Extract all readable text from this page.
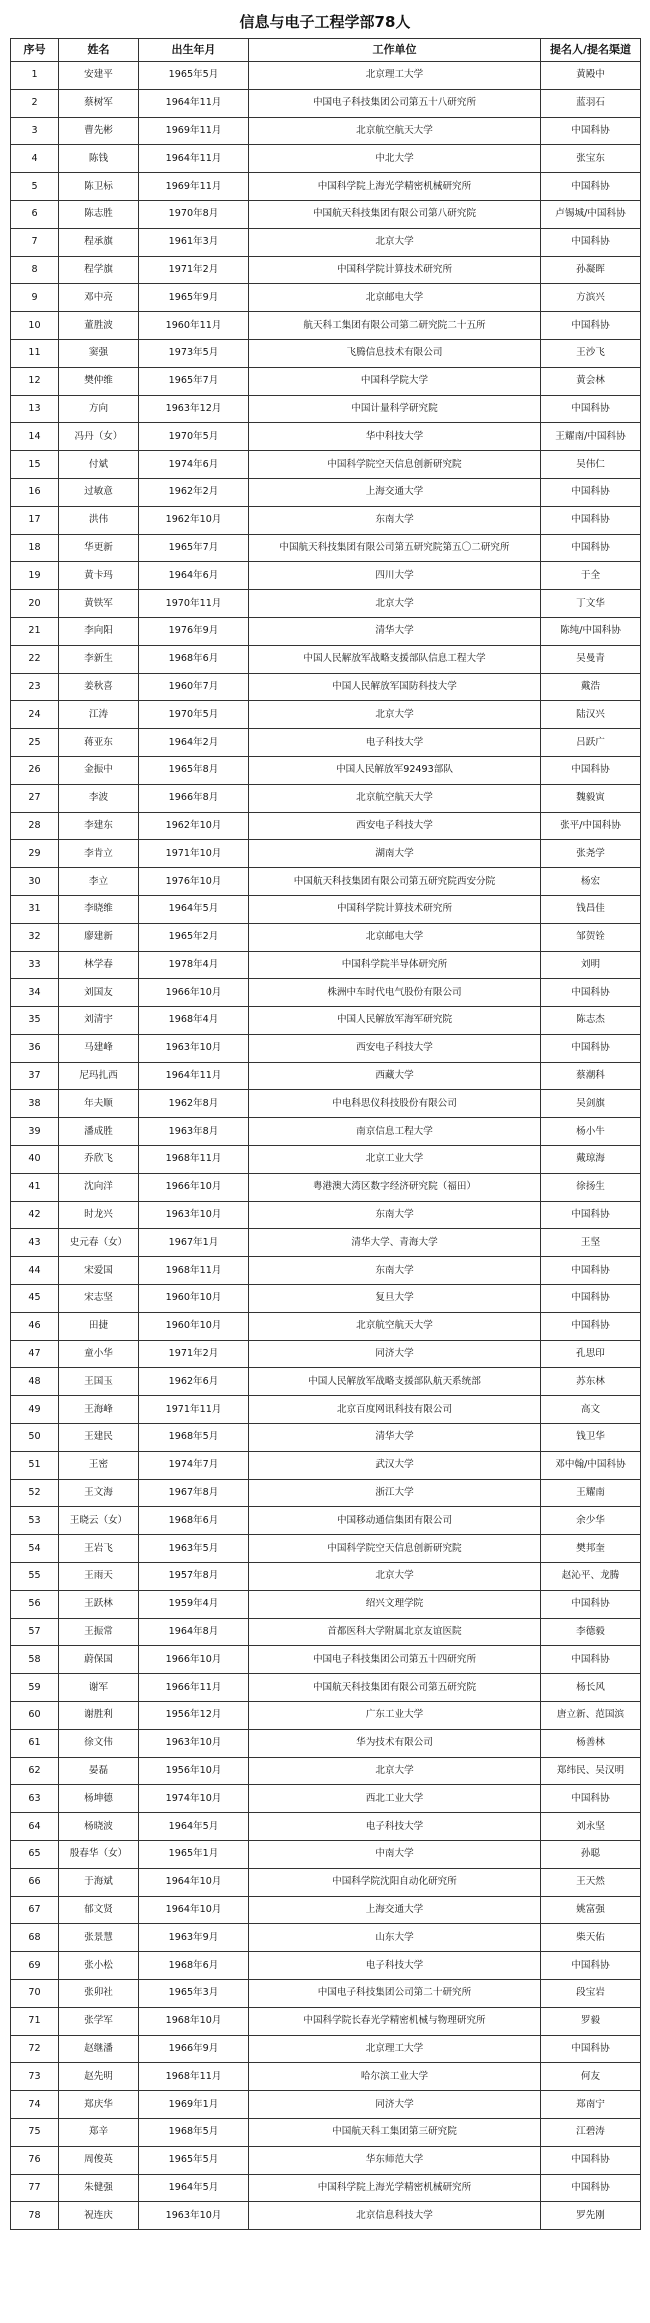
信息与电子工程学部78人
序号	姓名	出生年月	工作单位	提名人/提名渠道
1	安建平	1965年5月	北京理工大学	黄殿中
2	蔡树军	1964年11月	中国电子科技集团公司第五十八研究所	蓝羽石
3	曹先彬	1969年11月	北京航空航天大学	中国科协
4	陈钱	1964年11月	中北大学	张宝东
5	陈卫标	1969年11月	中国科学院上海光学精密机械研究所	中国科协
6	陈志胜	1970年8月	中国航天科技集团有限公司第八研究院	卢锡城/中国科协
7	程承旗	1961年3月	北京大学	中国科协
8	程学旗	1971年2月	中国科学院计算技术研究所	孙凝晖
9	邓中亮	1965年9月	北京邮电大学	方滨兴
10	董胜波	1960年11月	航天科工集团有限公司第二研究院二十五所	中国科协
11	窦强	1973年5月	飞腾信息技术有限公司	王沙飞
12	樊仲维	1965年7月	中国科学院大学	黄会林
13	方向	1963年12月	中国计量科学研究院	中国科协
14	冯丹（女）	1970年5月	华中科技大学	王耀南/中国科协
15	付斌	1974年6月	中国科学院空天信息创新研究院	吴伟仁
16	过敏意	1962年2月	上海交通大学	中国科协
17	洪伟	1962年10月	东南大学	中国科协
18	华更新	1965年7月	中国航天科技集团有限公司第五研究院第五〇二研究所	中国科协
19	黄卡玛	1964年6月	四川大学	于全
20	黄铁军	1970年11月	北京大学	丁文华
21	李向阳	1976年9月	清华大学	陈纯/中国科协
22	李新生	1968年6月	中国人民解放军战略支援部队信息工程大学	吴曼青
23	姜秋喜	1960年7月	中国人民解放军国防科技大学	戴浩
24	江涛	1970年5月	北京大学	陆汉兴
25	蒋亚东	1964年2月	电子科技大学	吕跃广
26	金振中	1965年8月	中国人民解放军92493部队	中国科协
27	李波	1966年8月	北京航空航天大学	魏毅寅
28	李建东	1962年10月	西安电子科技大学	张平/中国科协
29	李肯立	1971年10月	湖南大学	张尧学
30	李立	1976年10月	中国航天科技集团有限公司第五研究院西安分院	杨宏
31	李晓维	1964年5月	中国科学院计算技术研究所	钱昌佳
32	廖建新	1965年2月	北京邮电大学	邹贺铨
33	林学春	1978年4月	中国科学院半导体研究所	刘明
34	刘国友	1966年10月	株洲中车时代电气股份有限公司	中国科协
35	刘清宇	1968年4月	中国人民解放军海军研究院	陈志杰
36	马建峰	1963年10月	西安电子科技大学	中国科协
37	尼玛扎西	1964年11月	西藏大学	蔡潮科
38	年夫顺	1962年8月	中电科思仪科技股份有限公司	吴剑旗
39	潘成胜	1963年8月	南京信息工程大学	杨小牛
40	乔欣飞	1968年11月	北京工业大学	戴琼海
41	沈向洋	1966年10月	粤港澳大湾区数字经济研究院（福田）	徐扬生
42	时龙兴	1963年10月	东南大学	中国科协
43	史元春（女）	1967年1月	清华大学、青海大学	王坚
44	宋爱国	1968年11月	东南大学	中国科协
45	宋志坚	1960年10月	复旦大学	中国科协
46	田捷	1960年10月	北京航空航天大学	中国科协
47	童小华	1971年2月	同济大学	孔思印
48	王国玉	1962年6月	中国人民解放军战略支援部队航天系统部	苏东林
49	王海峰	1971年11月	北京百度网讯科技有限公司	高文
50	王建民	1968年5月	清华大学	钱卫华
51	王密	1974年7月	武汉大学	邓中翰/中国科协
52	王文海	1967年8月	浙江大学	王耀南
53	王晓云（女）	1968年6月	中国移动通信集团有限公司	余少华
54	王岩飞	1963年5月	中国科学院空天信息创新研究院	樊邦奎
55	王雨天	1957年8月	北京大学	赵沁平、龙腾
56	王跃林	1959年4月	绍兴文理学院	中国科协
57	王振常	1964年8月	首都医科大学附属北京友谊医院	李德毅
58	蔚保国	1966年10月	中国电子科技集团公司第五十四研究所	中国科协
59	谢军	1966年11月	中国航天科技集团有限公司第五研究院	杨长风
60	谢胜利	1956年12月	广东工业大学	唐立新、范国滨
61	徐文伟	1963年10月	华为技术有限公司	杨善林
62	晏磊	1956年10月	北京大学	郑纬民、吴汉明
63	杨坤德	1974年10月	西北工业大学	中国科协
64	杨晓波	1964年5月	电子科技大学	刘永坚
65	殷春华（女）	1965年1月	中南大学	孙聪
66	于海斌	1964年10月	中国科学院沈阳自动化研究所	王天然
67	郁文贤	1964年10月	上海交通大学	姚富强
68	张景慧	1963年9月	山东大学	柴天佑
69	张小松	1968年6月	电子科技大学	中国科协
70	张卯社	1965年3月	中国电子科技集团公司第二十研究所	段宝岩
71	张学军	1968年10月	中国科学院长春光学精密机械与物理研究所	罗毅
72	赵继潘	1966年9月	北京理工大学	中国科协
73	赵先明	1968年11月	哈尔滨工业大学	何友
74	郑庆华	1969年1月	同济大学	郑南宁
75	郑辛	1968年5月	中国航天科工集团第三研究院	江碧涛
76	周俊英	1965年5月	华东师范大学	中国科协
77	朱健强	1964年5月	中国科学院上海光学精密机械研究所	中国科协
78	祝连庆	1963年10月	北京信息科技大学	罗先刚
